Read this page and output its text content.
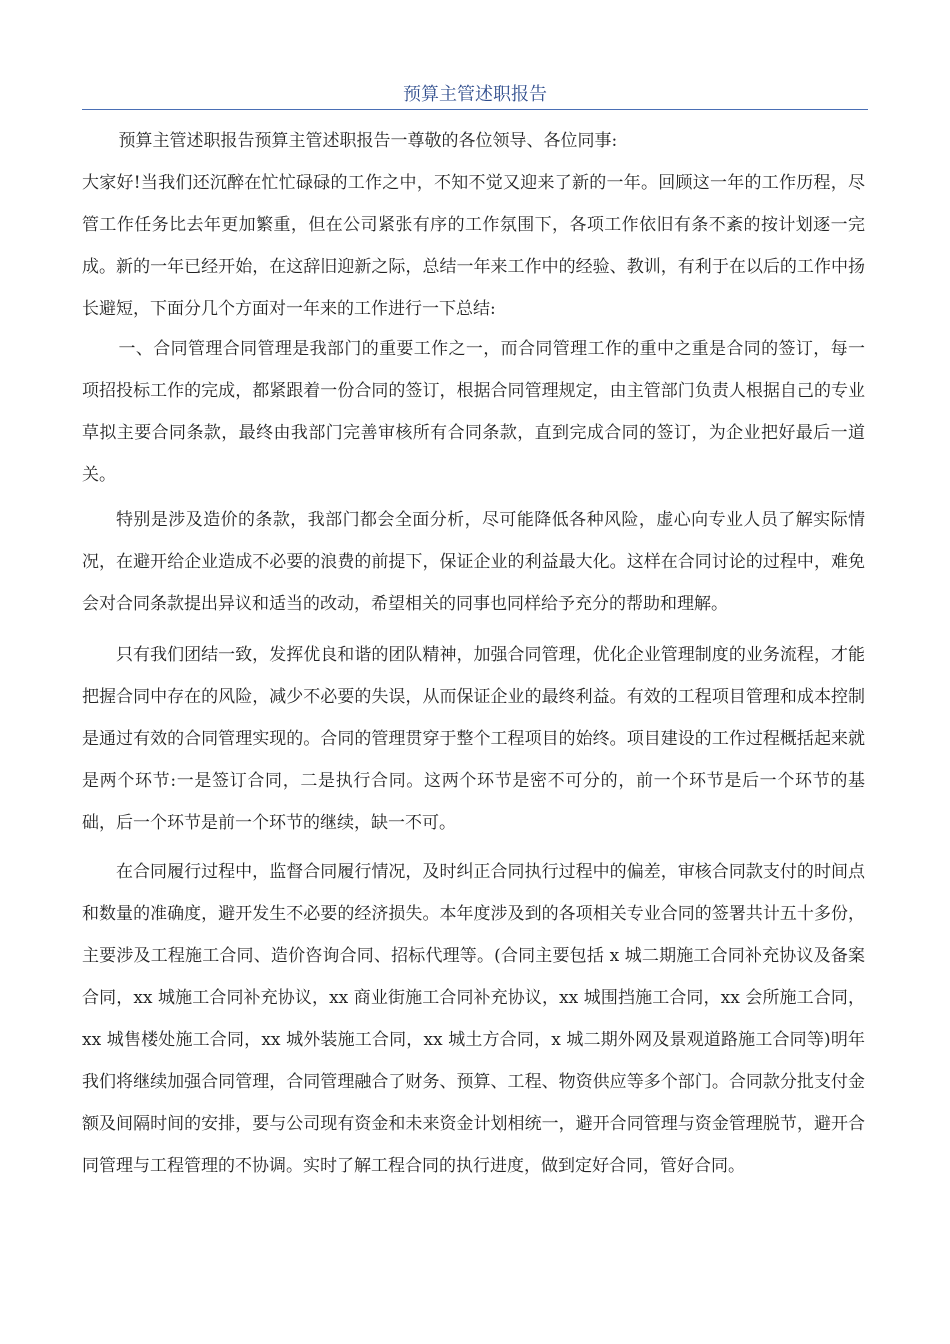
预算主管述职报告

预算主管述职报告预算主管述职报告一尊敬的各位领导、各位同事:

大家好!当我们还沉醉在忙忙碌碌的工作之中，不知不觉又迎来了新的一年。回顾这一年的工作历程，尽管工作任务比去年更加繁重，但在公司紧张有序的工作氛围下，各项工作依旧有条不紊的按计划逐一完成。新的一年已经开始，在这辞旧迎新之际，总结一年来工作中的经验、教训，有利于在以后的工作中扬长避短，下面分几个方面对一年来的工作进行一下总结:

一、合同管理合同管理是我部门的重要工作之一，而合同管理工作的重中之重是合同的签订，每一项招投标工作的完成，都紧跟着一份合同的签订，根据合同管理规定，由主管部门负责人根据自己的专业草拟主要合同条款，最终由我部门完善审核所有合同条款，直到完成合同的签订，为企业把好最后一道关。

特别是涉及造价的条款，我部门都会全面分析，尽可能降低各种风险，虚心向专业人员了解实际情况，在避开给企业造成不必要的浪费的前提下，保证企业的利益最大化。这样在合同讨论的过程中，难免会对合同条款提出异议和适当的改动，希望相关的同事也同样给予充分的帮助和理解。

只有我们团结一致，发挥优良和谐的团队精神，加强合同管理，优化企业管理制度的业务流程，才能把握合同中存在的风险，减少不必要的失误，从而保证企业的最终利益。有效的工程项目管理和成本控制是通过有效的合同管理实现的。合同的管理贯穿于整个工程项目的始终。项目建设的工作过程概括起来就是两个环节:一是签订合同，二是执行合同。这两个环节是密不可分的，前一个环节是后一个环节的基础，后一个环节是前一个环节的继续，缺一不可。

在合同履行过程中，监督合同履行情况，及时纠正合同执行过程中的偏差，审核合同款支付的时间点和数量的准确度，避开发生不必要的经济损失。本年度涉及到的各项相关专业合同的签署共计五十多份，主要涉及工程施工合同、造价咨询合同、招标代理等。(合同主要包括 x 城二期施工合同补充协议及备案合同，xx 城施工合同补充协议，xx 商业街施工合同补充协议，xx 城围挡施工合同，xx 会所施工合同，xx 城售楼处施工合同，xx 城外装施工合同，xx 城土方合同，x 城二期外网及景观道路施工合同等)明年我们将继续加强合同管理，合同管理融合了财务、预算、工程、物资供应等多个部门。合同款分批支付金额及间隔时间的安排，要与公司现有资金和未来资金计划相统一，避开合同管理与资金管理脱节，避开合同管理与工程管理的不协调。实时了解工程合同的执行进度，做到定好合同，管好合同。
